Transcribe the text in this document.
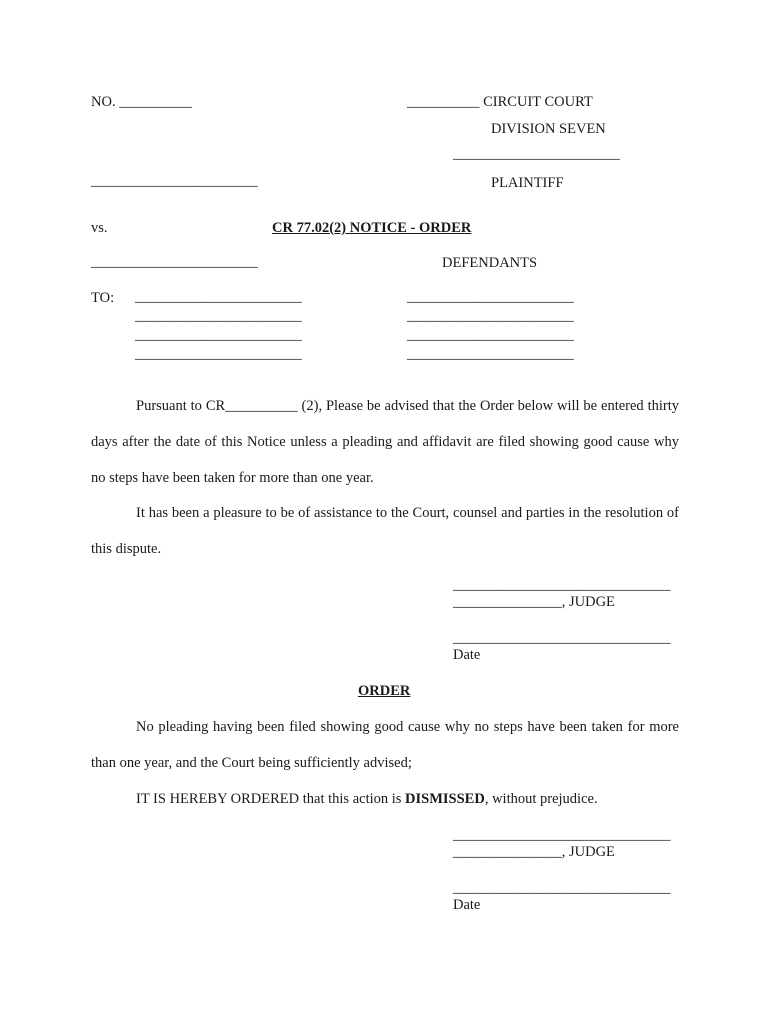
NO. __________	__________ CIRCUIT COURT
DIVISION SEVEN
_______________________
_______________________	PLAINTIFF
vs.	CR 77.02(2) NOTICE - ORDER
_______________________	DEFENDANTS
TO: _______________________
_______________________
_______________________
_______________________
_______________________
_______________________
_______________________
_______________________

Pursuant to CR__________ (2), Please be advised that the Order below will be entered thirty days after the date of this Notice unless a pleading and affidavit are filed showing good cause why no steps have been taken for more than one year.

It has been a pleasure to be of assistance to the Court, counsel and parties in the resolution of this dispute.

______________________________
_______________, JUDGE
______________________________
Date
ORDER

No pleading having been filed showing good cause why no steps have been taken for more than one year, and the Court being sufficiently advised;

IT IS HEREBY ORDERED that this action is DISMISSED, without prejudice.

______________________________
_______________, JUDGE
______________________________
Date
